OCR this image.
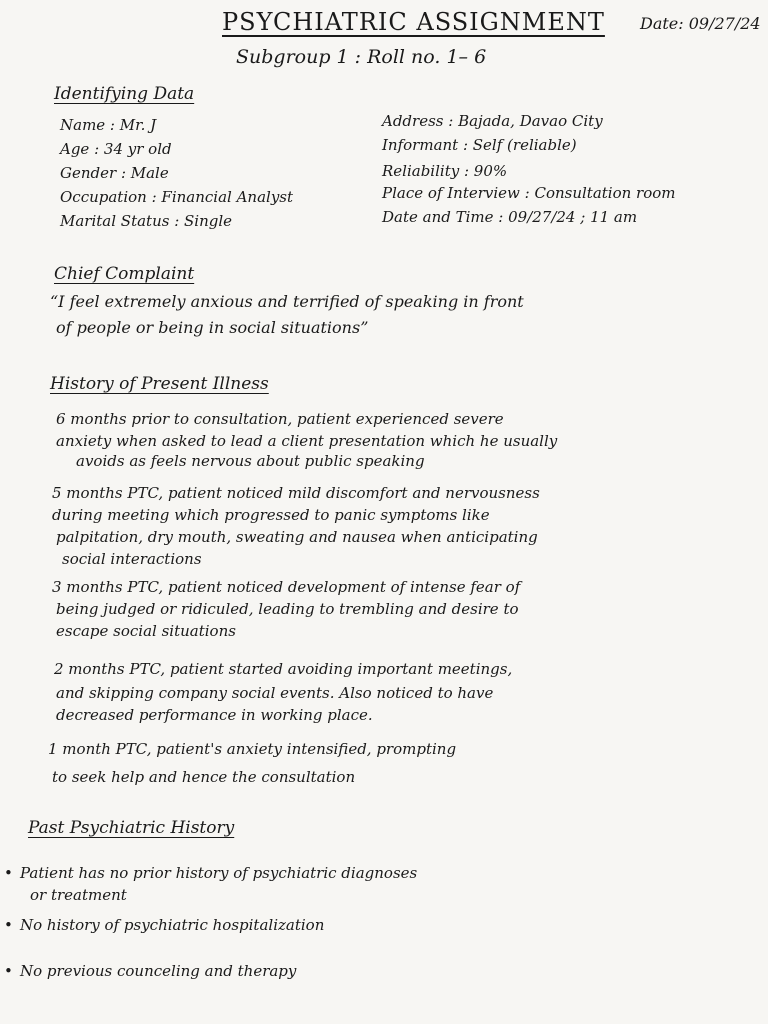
PSYCHIATRIC ASSIGNMENT Date: 09/27/24
Subgroup 1 : Roll no. 1– 6
Identifying Data
Name : Mr. J
Age : 34 yr old
Gender : Male
Occupation : Financial Analyst
Marital Status : Single
Address : Bajada, Davao City
Informant : Self (reliable)
Reliability : 90%
Place of Interview : Consultation room
Date and Time : 09/27/24 ; 11 am
Chief Complaint
“I feel extremely anxious and terrified of speaking in front
of people or being in social situations”
History of Present Illness
6 months prior to consultation, patient experienced severe
anxiety when asked to lead a client presentation which he usually
avoids as feels nervous about public speaking
5 months PTC, patient noticed mild discomfort and nervousness
during meeting which progressed to panic symptoms like
palpitation, dry mouth, sweating and nausea when anticipating
social interactions
3 months PTC, patient noticed development of intense fear of
being judged or ridiculed, leading to trembling and desire to
escape social situations
2 months PTC, patient started avoiding important meetings,
and skipping company social events. Also noticed to have
decreased performance in working place.
1 month PTC, patient's anxiety intensified, prompting
to seek help and hence the consultation
Past Psychiatric History
• Patient has no prior history of psychiatric diagnoses
or treatment
• No history of psychiatric hospitalization
• No previous counceling and therapy
